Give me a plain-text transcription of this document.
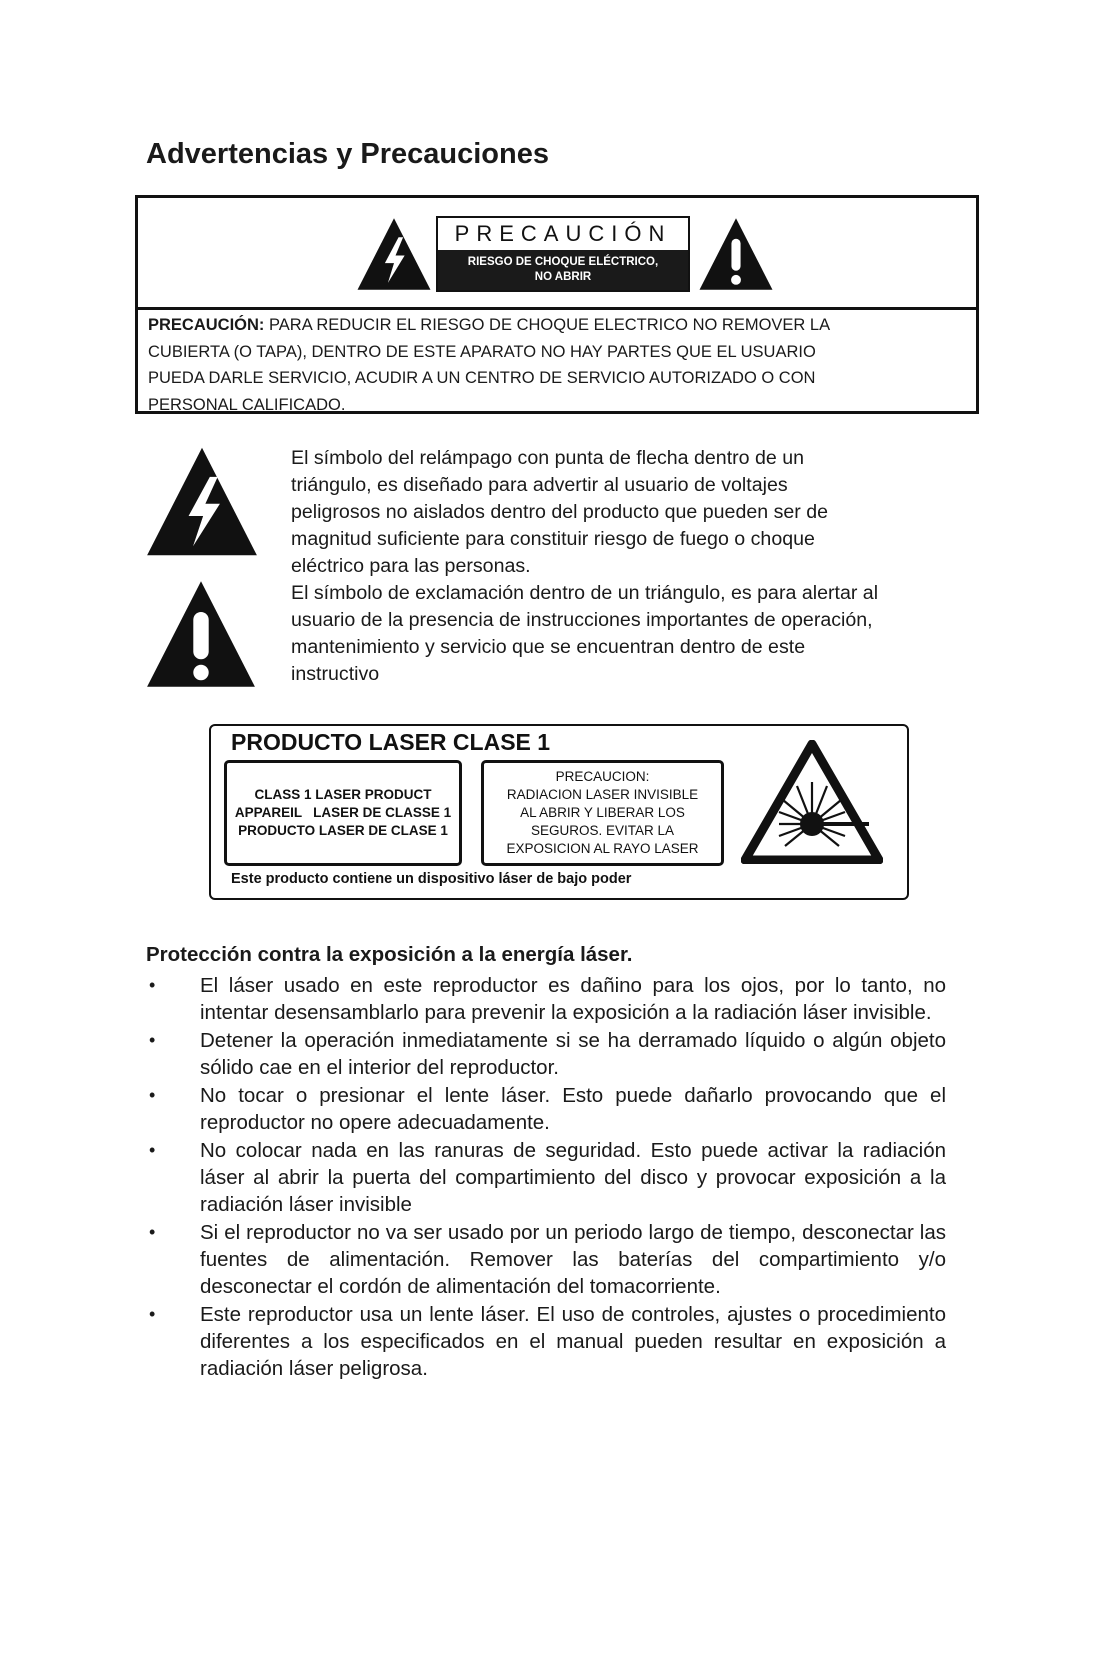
Advertencias y Precauciones
PRECAUCIÓN
RIESGO DE CHOQUE ELÉCTRICO,
NO ABRIR
PRECAUCIÓN: PARA REDUCIR EL RIESGO DE CHOQUE ELECTRICO NO REMOVER LA
CUBIERTA (O TAPA), DENTRO DE ESTE APARATO NO HAY PARTES QUE EL USUARIO
PUEDA DARLE SERVICIO, ACUDIR A UN CENTRO DE SERVICIO AUTORIZADO O CON
PERSONAL CALIFICADO.
El símbolo del relámpago con punta de flecha dentro de un
triángulo, es diseñado para advertir al usuario de voltajes
peligrosos no aislados dentro del producto que pueden ser de
magnitud suficiente para constituir riesgo de fuego o choque
eléctrico para las personas.
El símbolo de exclamación dentro de un triángulo, es para alertar al
usuario de la presencia de instrucciones importantes de operación,
mantenimiento y servicio que se encuentran dentro de este
instructivo
PRODUCTO LASER CLASE 1
CLASS 1 LASER PRODUCT
APPAREIL   LASER DE CLASSE 1
PRODUCTO LASER DE CLASE 1
PRECAUCION:
RADIACION LASER INVISIBLE
AL ABRIR Y LIBERAR LOS
SEGUROS. EVITAR LA
EXPOSICION AL RAYO LASER
Este producto contiene un dispositivo láser de bajo poder
Protección contra la exposición a la energía láser.
• El láser usado en este reproductor es dañino para los ojos, por lo tanto, no intentar desensamblarlo para prevenir la exposición a la radiación láser invisible.
• Detener la operación inmediatamente si se ha derramado líquido o algún objeto sólido cae en el interior del reproductor.
• No tocar o presionar el lente láser. Esto puede dañarlo provocando que el reproductor no opere adecuadamente.
• No colocar nada en las ranuras de seguridad. Esto puede activar la radiación láser al abrir la puerta del compartimiento del disco y provocar exposición a la radiación láser invisible
• Si el reproductor no va ser usado por un periodo largo de tiempo, desconectar las fuentes de alimentación. Remover las baterías del compartimiento y/o desconectar el cordón de alimentación del tomacorriente.
• Este reproductor usa un lente láser. El uso de controles, ajustes o procedimiento diferentes a los especificados en el manual pueden resultar en exposición a radiación láser peligrosa.
